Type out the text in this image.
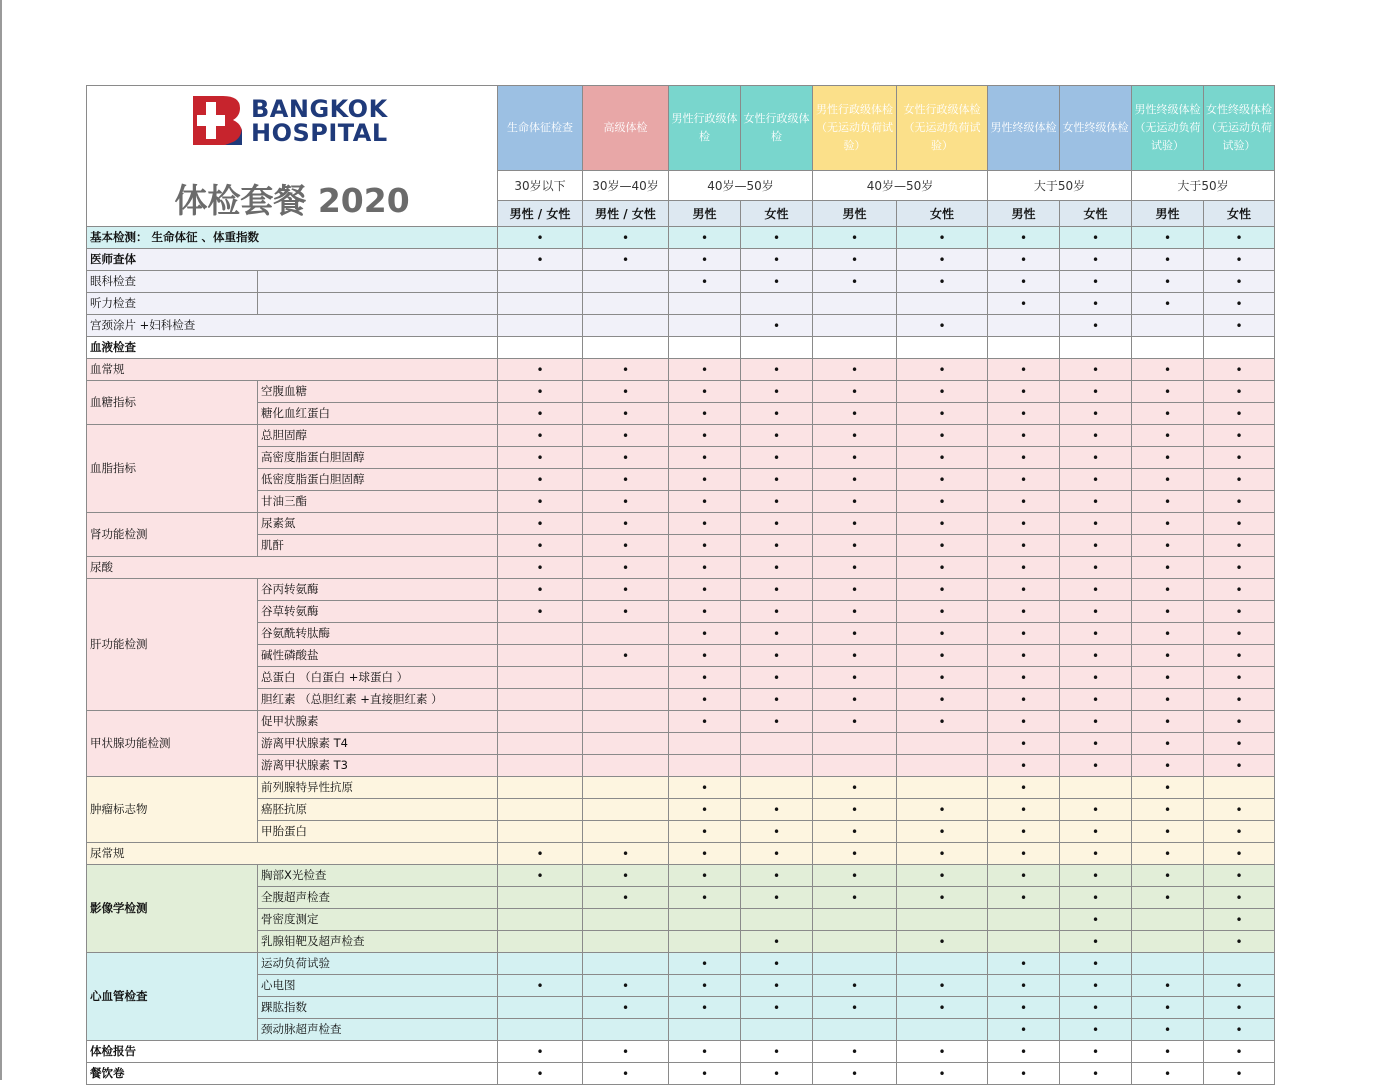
BANGKOK
HOSPITAL
体检套餐 2020		生命体征检查	高级体检	男性行政级体检	女性行政级体检	男性行政级体检（无运动负荷试验）	女性行政级体检（无运动负荷试验）	男性终级体检	女性终级体检	男性终级体检（无运动负荷试验）	女性终级体检（无运动负荷试验）
		30岁以下	30岁—40岁	40岁—50岁		40岁—50岁		大于50岁		大于50岁	
		男性 / 女性	男性 / 女性	男性	女性	男性	女性	男性	女性	男性	女性
基本检测： 生命体征 、体重指数		•	•	•	•	•	•	•	•	•	•
医师查体		•	•	•	•	•	•	•	•	•	•
眼科检查				•	•	•	•	•	•	•	•
听力检查								•	•	•	•
宫颈涂片 +妇科检查					•		•		•		•
血液检查											
血常规		•	•	•	•	•	•	•	•	•	•
血糖指标	空腹血糖	•	•	•	•	•	•	•	•	•	•
	糖化血红蛋白	•	•	•	•	•	•	•	•	•	•
血脂指标	总胆固醇	•	•	•	•	•	•	•	•	•	•
	高密度脂蛋白胆固醇	•	•	•	•	•	•	•	•	•	•
	低密度脂蛋白胆固醇	•	•	•	•	•	•	•	•	•	•
	甘油三酯	•	•	•	•	•	•	•	•	•	•
肾功能检测	尿素氮	•	•	•	•	•	•	•	•	•	•
	肌酐	•	•	•	•	•	•	•	•	•	•
尿酸		•	•	•	•	•	•	•	•	•	•
肝功能检测	谷丙转氨酶	•	•	•	•	•	•	•	•	•	•
	谷草转氨酶	•	•	•	•	•	•	•	•	•	•
	谷氨酰转肽酶			•	•	•	•	•	•	•	•
	碱性磷酸盐		•	•	•	•	•	•	•	•	•
	总蛋白 （白蛋白 +球蛋白 ）			•	•	•	•	•	•	•	•
	胆红素 （总胆红素 +直接胆红素 ）			•	•	•	•	•	•	•	•
甲状腺功能检测	促甲状腺素			•	•	•	•	•	•	•	•
	游离甲状腺素 T4							•	•	•	•
	游离甲状腺素 T3							•	•	•	•
肿瘤标志物	前列腺特异性抗原			•		•		•		•	
	癌胚抗原			•	•	•	•	•	•	•	•
	甲胎蛋白			•	•	•	•	•	•	•	•
尿常规		•	•	•	•	•	•	•	•	•	•
影像学检测	胸部X光检查	•	•	•	•	•	•	•	•	•	•
	全腹超声检查		•	•	•	•	•	•	•	•	•
	骨密度测定								•		•
	乳腺钼靶及超声检查				•		•		•		•
心血管检查	运动负荷试验			•	•			•	•		
	心电图	•	•	•	•	•	•	•	•	•	•
	踝肱指数		•	•	•	•	•	•	•	•	•
	颈动脉超声检查							•	•	•	•
体检报告		•	•	•	•	•	•	•	•	•	•
餐饮卷		•	•	•	•	•	•	•	•	•	•
